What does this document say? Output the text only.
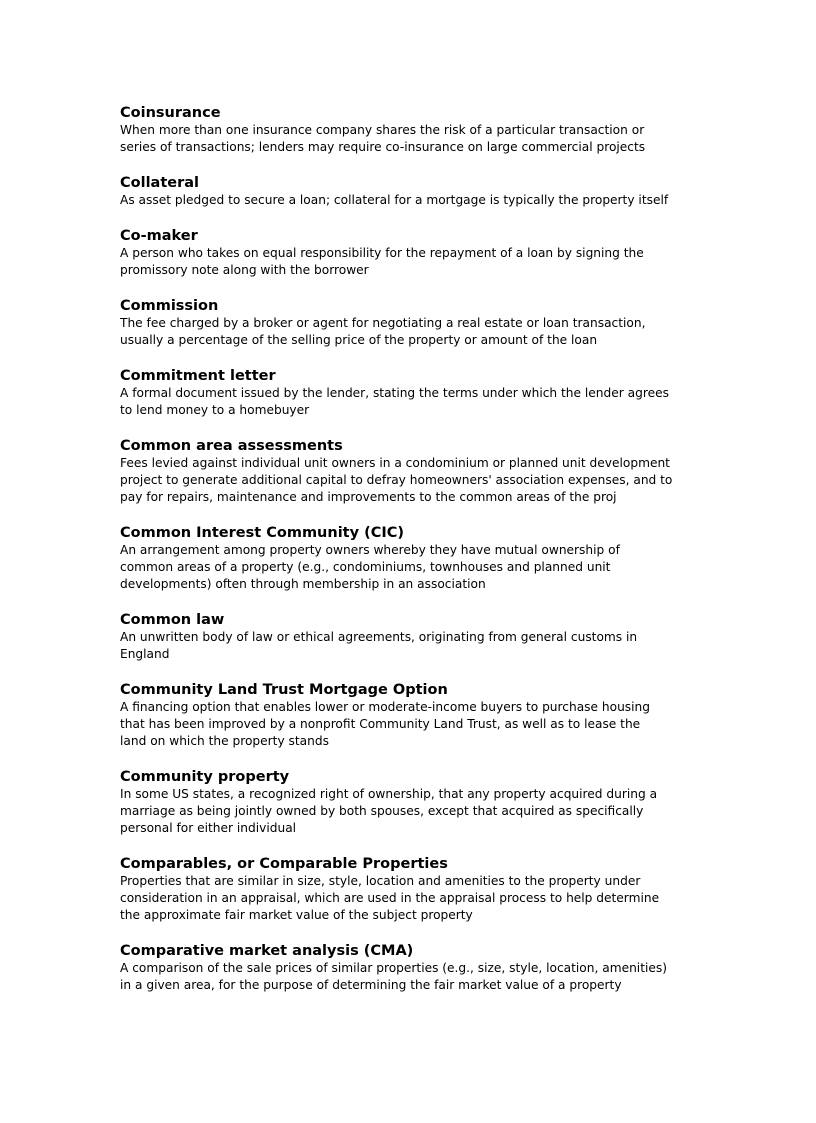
Coinsurance
When more than one insurance company shares the risk of a particular transaction or
series of transactions; lenders may require co-insurance on large commercial projects
Collateral
As asset pledged to secure a loan; collateral for a mortgage is typically the property itself
Co-maker
A person who takes on equal responsibility for the repayment of a loan by signing the
promissory note along with the borrower
Commission
The fee charged by a broker or agent for negotiating a real estate or loan transaction,
usually a percentage of the selling price of the property or amount of the loan
Commitment letter
A formal document issued by the lender, stating the terms under which the lender agrees
to lend money to a homebuyer
Common area assessments
Fees levied against individual unit owners in a condominium or planned unit development
project to generate additional capital to defray homeowners' association expenses, and to
pay for repairs, maintenance and improvements to the common areas of the proj
Common Interest Community (CIC)
An arrangement among property owners whereby they have mutual ownership of
common areas of a property (e.g., condominiums, townhouses and planned unit
developments) often through membership in an association
Common law
An unwritten body of law or ethical agreements, originating from general customs in
England
Community Land Trust Mortgage Option
A financing option that enables lower or moderate-income buyers to purchase housing
that has been improved by a nonprofit Community Land Trust, as well as to lease the
land on which the property stands
Community property
In some US states, a recognized right of ownership, that any property acquired during a
marriage as being jointly owned by both spouses, except that acquired as specifically
personal for either individual
Comparables, or Comparable Properties
Properties that are similar in size, style, location and amenities to the property under
consideration in an appraisal, which are used in the appraisal process to help determine
the approximate fair market value of the subject property
Comparative market analysis (CMA)
A comparison of the sale prices of similar properties (e.g., size, style, location, amenities)
in a given area, for the purpose of determining the fair market value of a property
